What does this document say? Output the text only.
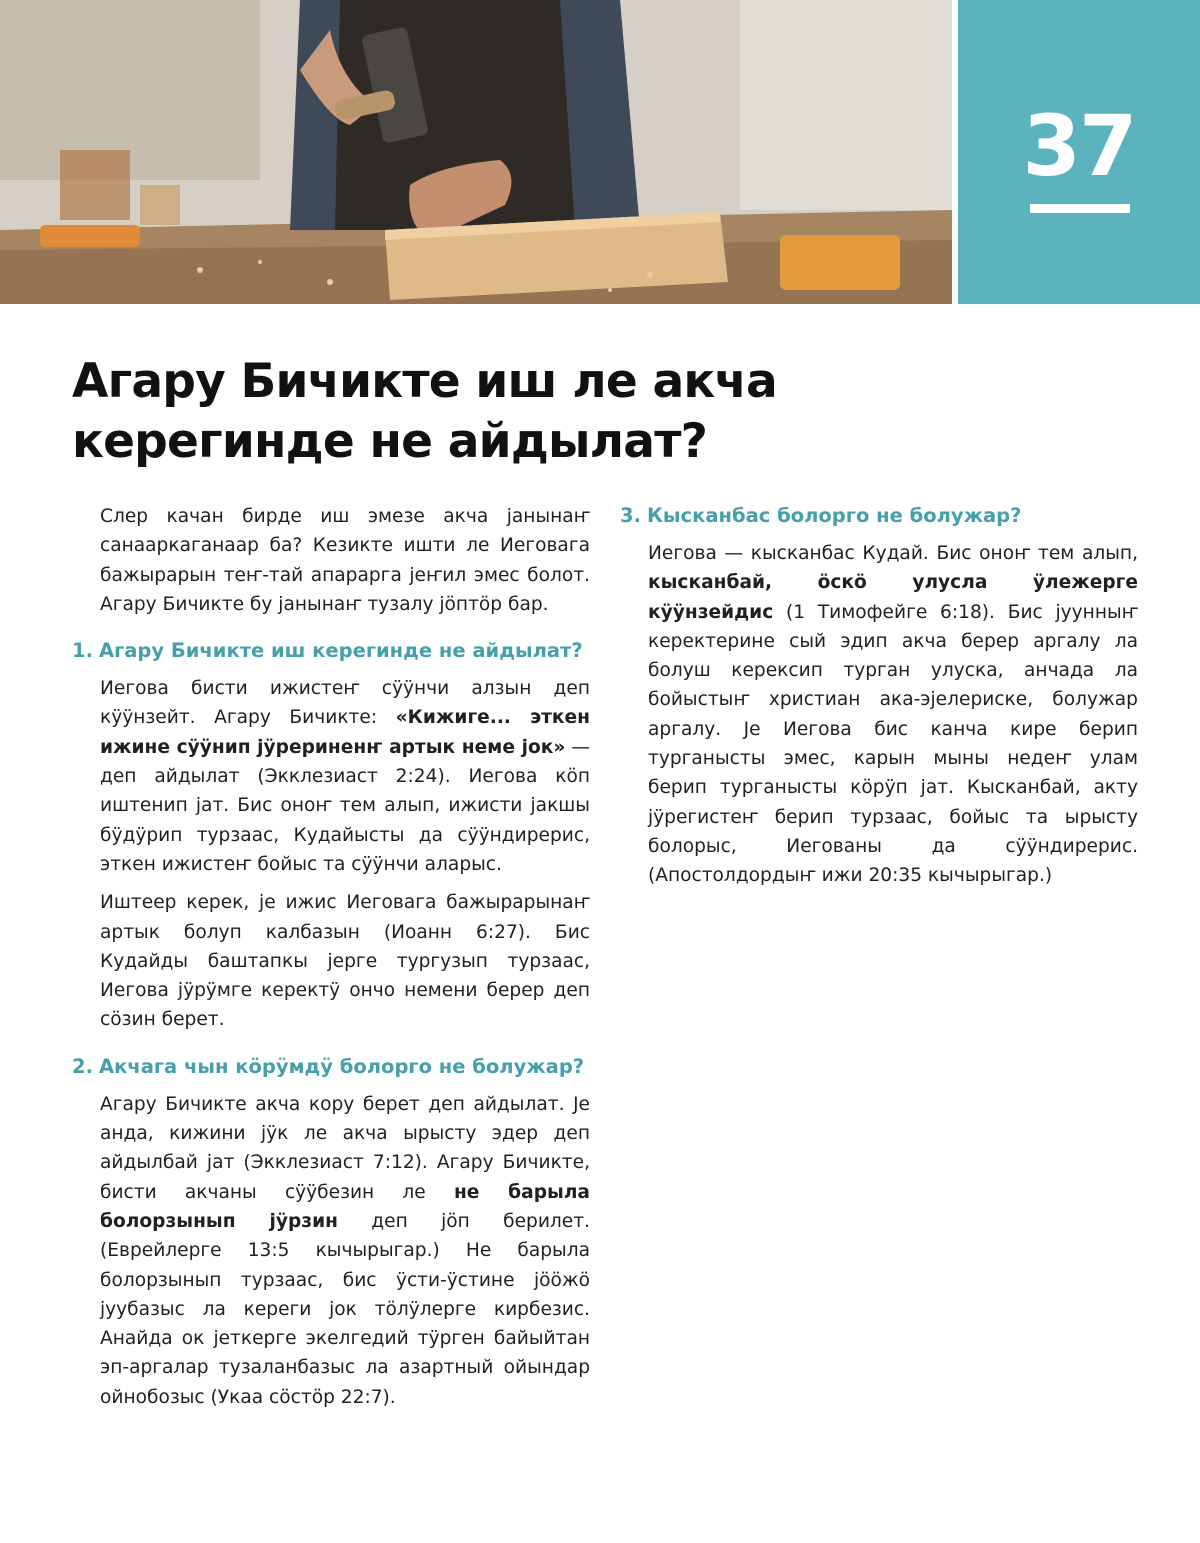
37
Агару Бичикте иш ле акча керегинде не айдылат?

Слер качан бирде иш эмезе акча јанынаҥ санааркаганаар ба? Кезикте ишти ле Иеговага бажырарын теҥ-тай апарарга јеҥил эмес болот. Агару Бичикте бу јанынаҥ тузалу јӧптӧр бар.

1. Агару Бичикте иш керегинде не айдылат?

Иегова бисти ижистеҥ сӱӱнчи алзын деп кӱӱнзейт. Агару Бичикте: «Кижиге... эткен ижине сӱӱнип јӱрериненҥ артык неме јок» — деп айдылат (Экклезиаст 2:24). Иегова кӧп иштенип јат. Бис оноҥ тем алып, ижисти јакшы бӱдӱрип турзаас, Кудайысты да сӱӱндирерис, эткен ижистеҥ бойыс та сӱӱнчи аларыс.

Иштеер керек, је ижис Иеговага бажырарынаҥ артык болуп калбазын (Иоанн 6:27). Бис Кудайды баштапкы јерге тургузып турзаас, Иегова јӱрӱмге керектӱ ончо немени берер деп сӧзин берет.

2. Акчага чын кӧрӱмдӱ болорго не болужар?

Агару Бичикте акча кору берет деп айдылат. Је анда, кижини јӱк ле акча ырысту эдер деп айдылбай јат (Экклезиаст 7:12). Агару Бичикте, бисти акчаны сӱӱбезин ле не барыла болорзынып јӱрзин деп јӧп берилет. (Еврейлерге 13:5 кычырыгар.) Не барыла болорзынып турзаас, бис ӱсти-ӱстине јӧӧжӧ јуубазыс ла кереги јок тӧлӱлерге кирбезис. Анайда ок јеткерге экелгедий тӱрген байыйтан эп-аргалар тузаланбазыс ла азартный ойындар ойнобозыс (Укаа сӧстӧр 22:7).

3. Кысканбас болорго не болужар?

Иегова — кысканбас Кудай. Бис оноҥ тем алып, кысканбай, ӧскӧ улусла ӱлежерге кӱӱнзейдис (1 Тимофейге 6:18). Бис јуунныҥ керектерине сый эдип акча берер аргалу ла болуш керексип турган улуска, анчада ла бойыстыҥ христиан ака-эјелериске, болужар аргалу. Је Иегова бис канча кире берип турганысты эмес, карын мыны недеҥ улам берип турганысты кӧрӱп јат. Кысканбай, акту јӱрегистеҥ берип турзаас, бойыс та ырысту болорыс, Иегованы да сӱӱндирерис. (Апостолдордыҥ ижи 20:35 кычырыгар.)
